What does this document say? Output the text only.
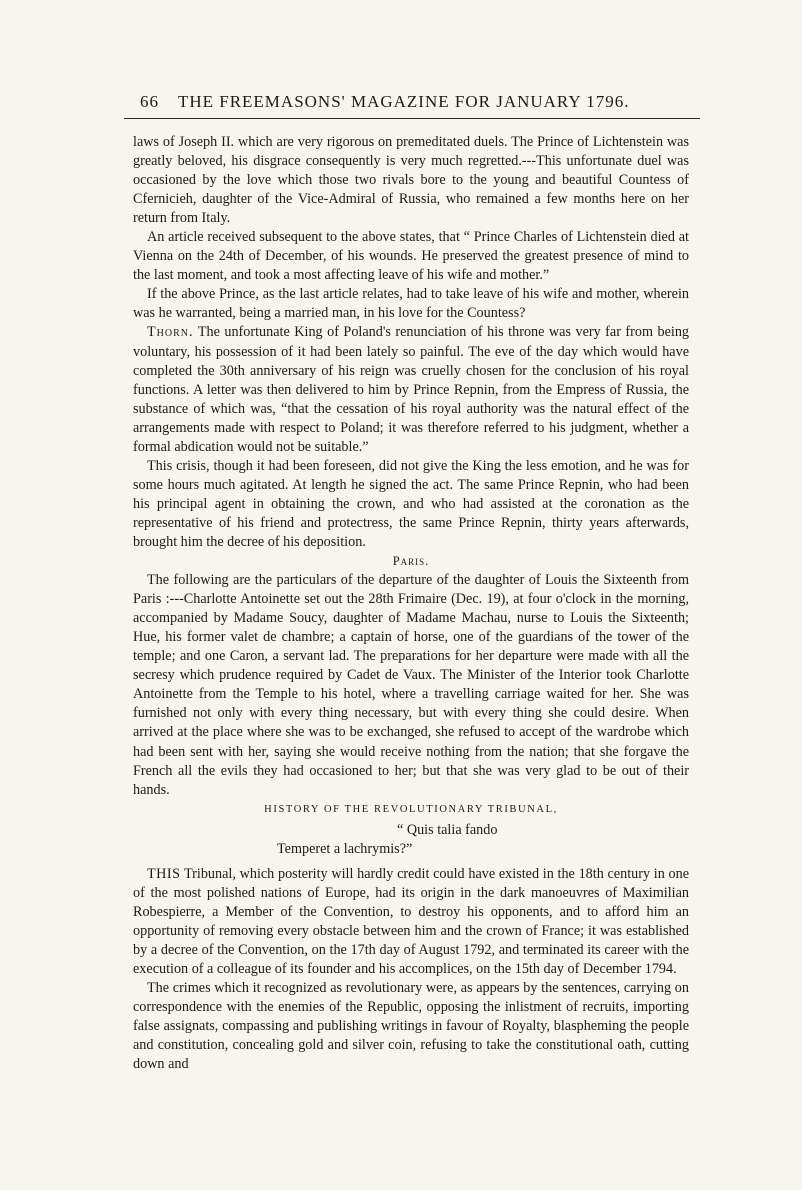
66 THE FREEMASONS' MAGAZINE FOR JANUARY 1796.

laws of Joseph II. which are very rigorous on premeditated duels. The Prince of Lichtenstein was greatly beloved, his disgrace consequently is very much regretted.---This unfortunate duel was occasioned by the love which those two rivals bore to the young and beautiful Countess of Cfernicieh, daughter of the Vice-Admiral of Russia, who remained a few months here on her return from Italy.

An article received subsequent to the above states, that “ Prince Charles of Lichtenstein died at Vienna on the 24th of December, of his wounds. He preserved the greatest presence of mind to the last moment, and took a most affecting leave of his wife and mother.”

If the above Prince, as the last article relates, had to take leave of his wife and mother, wherein was he warranted, being a married man, in his love for the Countess?

Thorn. The unfortunate King of Poland's renunciation of his throne was very far from being voluntary, his possession of it had been lately so painful. The eve of the day which would have completed the 30th anniversary of his reign was cruelly chosen for the conclusion of his royal functions. A letter was then delivered to him by Prince Repnin, from the Empress of Russia, the substance of which was, “that the cessation of his royal authority was the natural effect of the arrangements made with respect to Poland; it was therefore referred to his judgment, whether a formal abdication would not be suitable.”

This crisis, though it had been foreseen, did not give the King the less emotion, and he was for some hours much agitated. At length he signed the act. The same Prince Repnin, who had been his principal agent in obtaining the crown, and who had assisted at the coronation as the representative of his friend and protectress, the same Prince Repnin, thirty years afterwards, brought him the decree of his deposition.

Paris.

The following are the particulars of the departure of the daughter of Louis the Sixteenth from Paris :---Charlotte Antoinette set out the 28th Frimaire (Dec. 19), at four o'clock in the morning, accompanied by Madame Soucy, daughter of Madame Machau, nurse to Louis the Sixteenth; Hue, his former valet de chambre; a captain of horse, one of the guardians of the tower of the temple; and one Caron, a servant lad. The preparations for her departure were made with all the secresy which prudence required by Cadet de Vaux. The Minister of the Interior took Charlotte Antoinette from the Temple to his hotel, where a travelling carriage waited for her. She was furnished not only with every thing necessary, but with every thing she could desire. When arrived at the place where she was to be exchanged, she refused to accept of the wardrobe which had been sent with her, saying she would receive nothing from the nation; that she forgave the French all the evils they had occasioned to her; but that she was very glad to be out of their hands.

HISTORY OF THE REVOLUTIONARY TRIBUNAL,

“ Quis talia fando

Temperet a lachrymis?”

THIS Tribunal, which posterity will hardly credit could have existed in the 18th century in one of the most polished nations of Europe, had its origin in the dark manoeuvres of Maximilian Robespierre, a Member of the Convention, to destroy his opponents, and to afford him an opportunity of removing every obstacle between him and the crown of France; it was established by a decree of the Convention, on the 17th day of August 1792, and terminated its career with the execution of a colleague of its founder and his accomplices, on the 15th day of December 1794.

The crimes which it recognized as revolutionary were, as appears by the sentences, carrying on correspondence with the enemies of the Republic, opposing the inlistment of recruits, importing false assignats, compassing and publishing writings in favour of Royalty, blaspheming the people and constitution, concealing gold and silver coin, refusing to take the constitutional oath, cutting down and
